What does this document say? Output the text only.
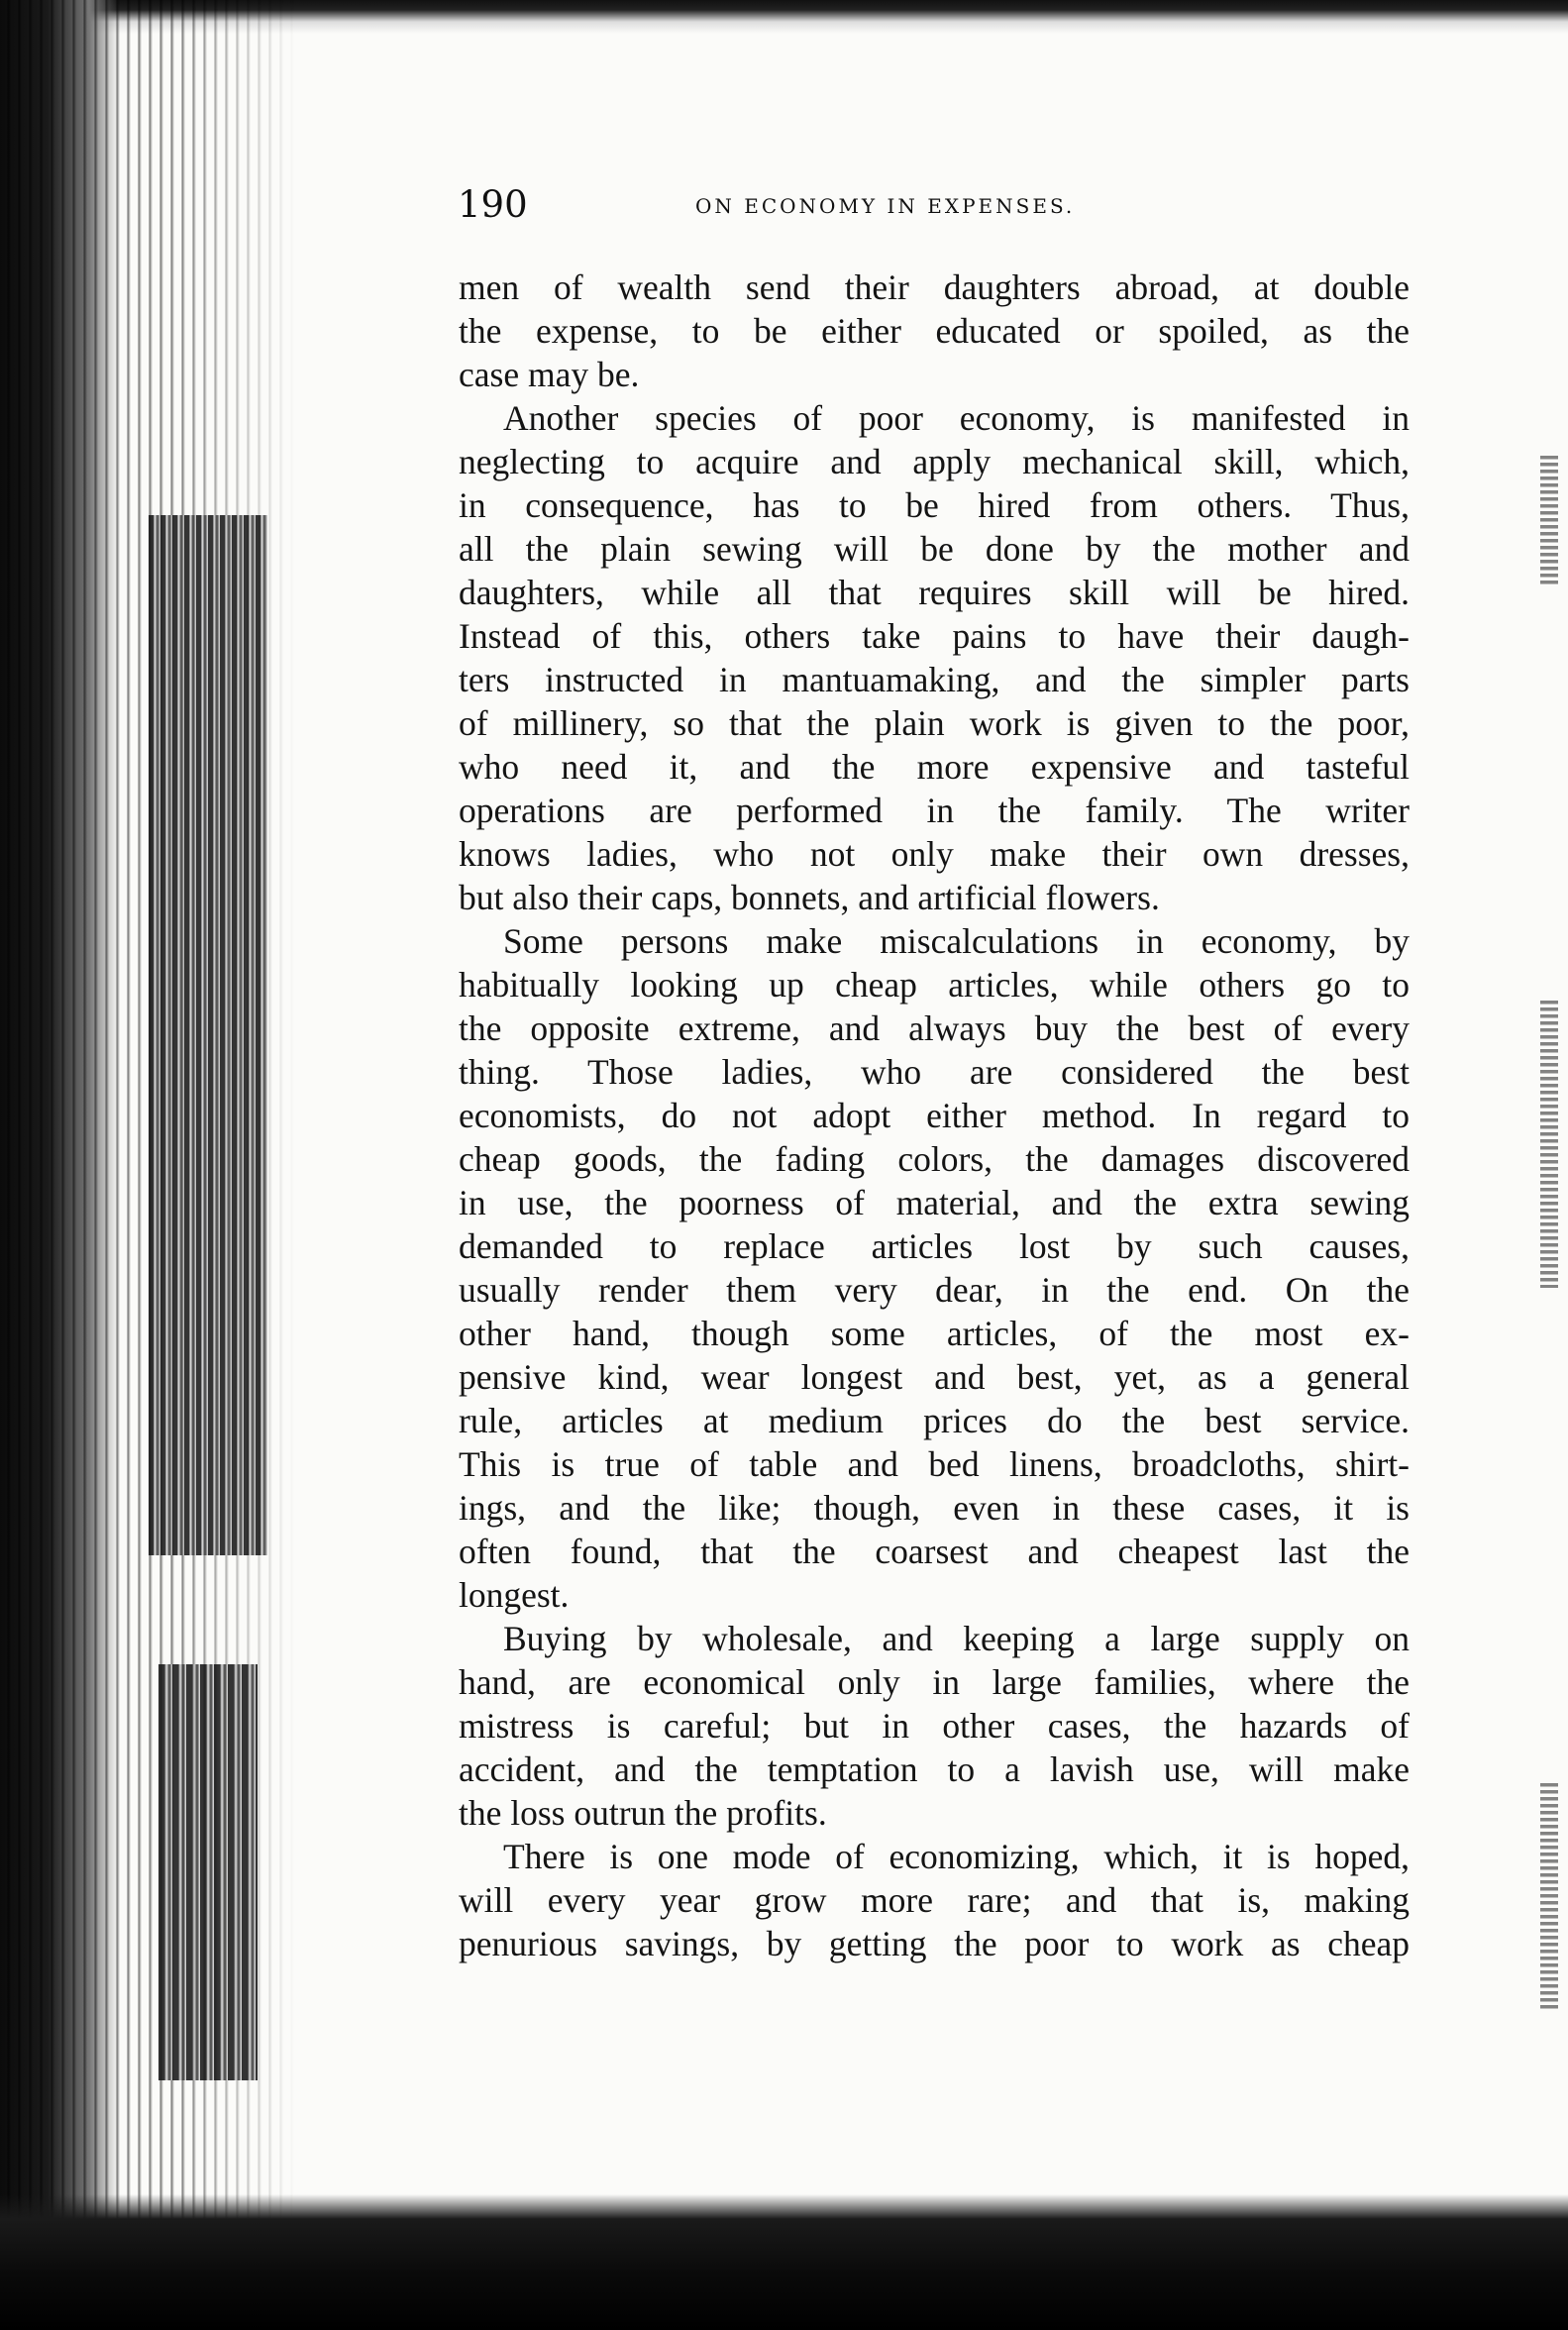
190	ON ECONOMY IN EXPENSES.
men of wealth send their daughters abroad, at double
the expense, to be either educated or spoiled, as the
case may be.
Another species of poor economy, is manifested in
neglecting to acquire and apply mechanical skill, which,
in consequence, has to be hired from others. Thus,
all the plain sewing will be done by the mother and
daughters, while all that requires skill will be hired.
Instead of this, others take pains to have their daugh-
ters instructed in mantuamaking, and the simpler parts
of millinery, so that the plain work is given to the poor,
who need it, and the more expensive and tasteful
operations are performed in the family. The writer
knows ladies, who not only make their own dresses,
but also their caps, bonnets, and artificial flowers.
Some persons make miscalculations in economy, by
habitually looking up cheap articles, while others go to
the opposite extreme, and always buy the best of every
thing. Those ladies, who are considered the best
economists, do not adopt either method. In regard to
cheap goods, the fading colors, the damages discovered
in use, the poorness of material, and the extra sewing
demanded to replace articles lost by such causes,
usually render them very dear, in the end. On the
other hand, though some articles, of the most ex-
pensive kind, wear longest and best, yet, as a general
rule, articles at medium prices do the best service.
This is true of table and bed linens, broadcloths, shirt-
ings, and the like; though, even in these cases, it is
often found, that the coarsest and cheapest last the
longest.
Buying by wholesale, and keeping a large supply on
hand, are economical only in large families, where the
mistress is careful; but in other cases, the hazards of
accident, and the temptation to a lavish use, will make
the loss outrun the profits.
There is one mode of economizing, which, it is hoped,
will every year grow more rare; and that is, making
penurious savings, by getting the poor to work as cheap
